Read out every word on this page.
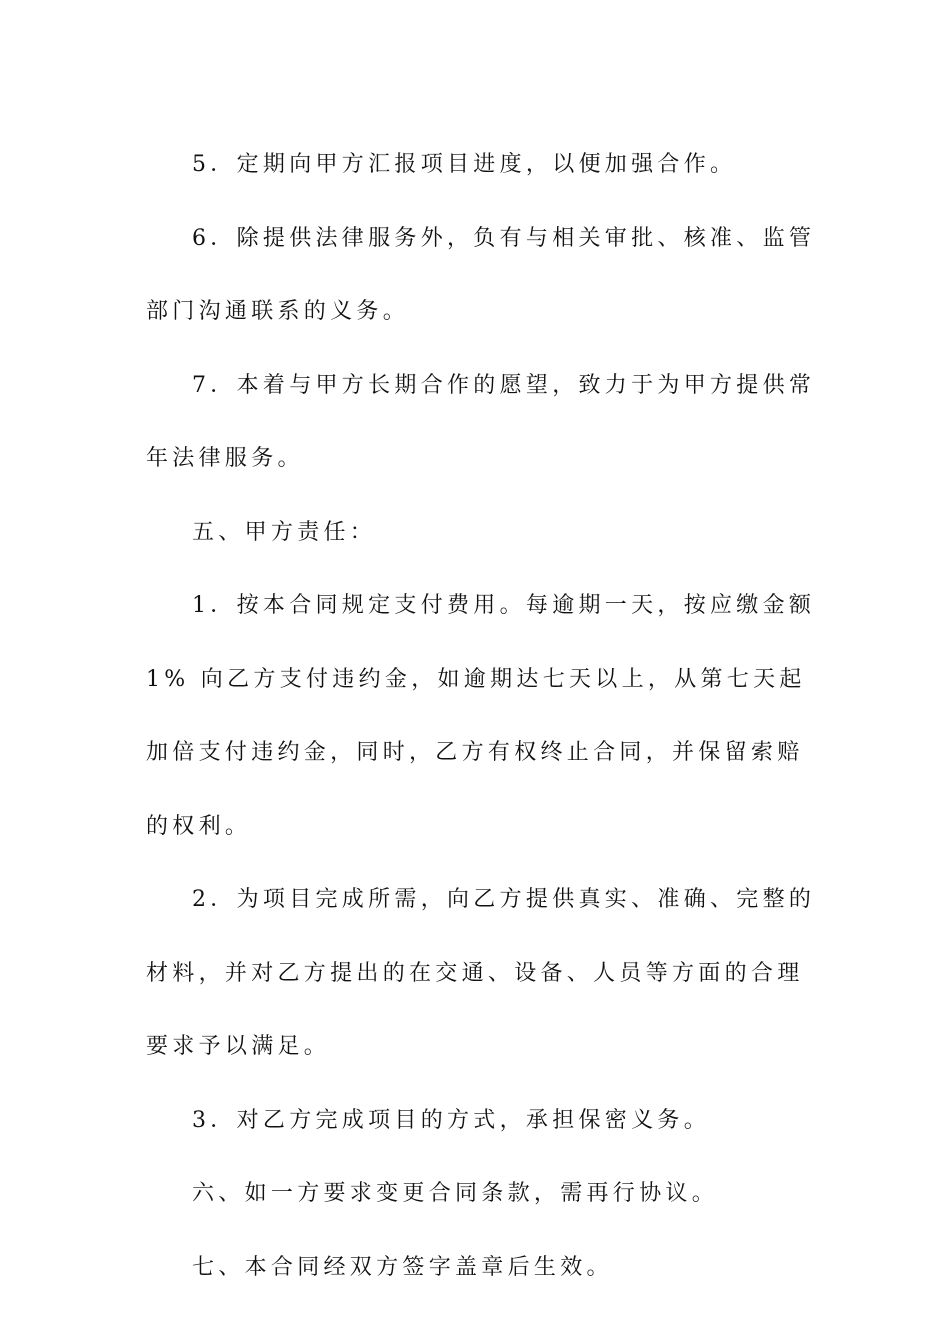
5．定期向甲方汇报项目进度，以便加强合作。

6．除提供法律服务外，负有与相关审批、核准、监管部门沟通联系的义务。

7．本着与甲方长期合作的愿望，致力于为甲方提供常年法律服务。

五、甲方责任：

1．按本合同规定支付费用。每逾期一天，按应缴金额 1% 向乙方支付违约金，如逾期达七天以上，从第七天起加倍支付违约金，同时，乙方有权终止合同，并保留索赔的权利。

2．为项目完成所需，向乙方提供真实、准确、完整的材料，并对乙方提出的在交通、设备、人员等方面的合理要求予以满足。

3．对乙方完成项目的方式，承担保密义务。

六、如一方要求变更合同条款，需再行协议。

七、本合同经双方签字盖章后生效。
